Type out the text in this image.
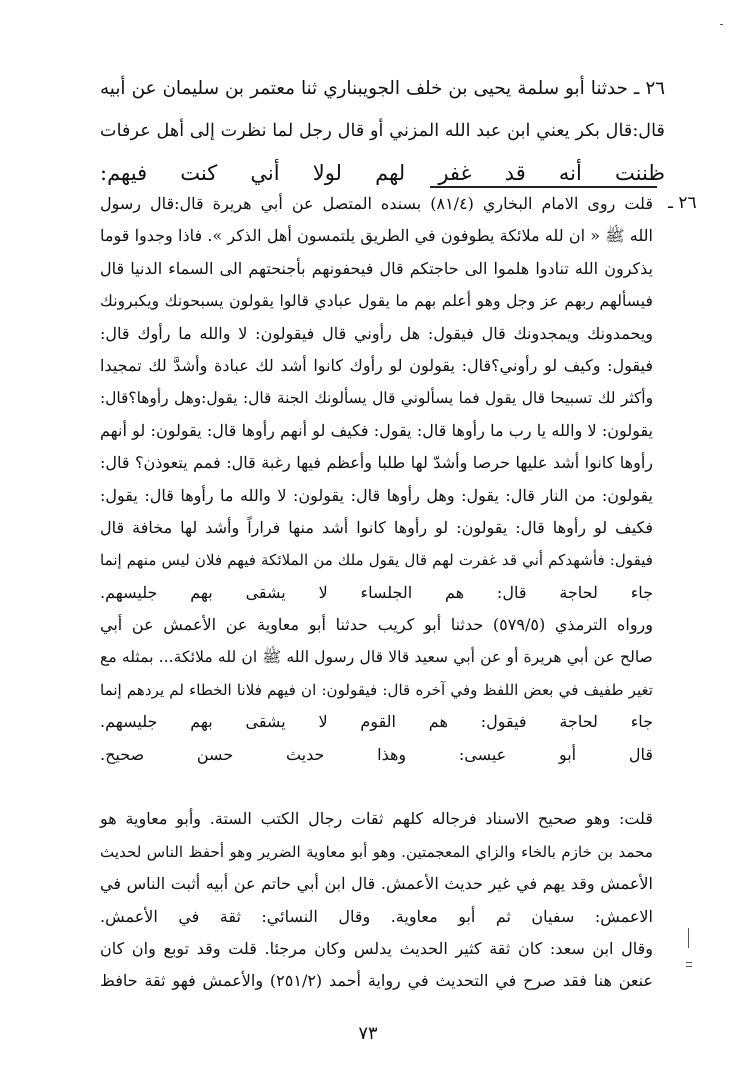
٢٦ ـ حدثنا أبو سلمة يحيى بن خلف الجويبناري ثنا معتمر بن سليمان عن أبيه
قال:قال بكر يعني ابن عبد الله المزني أو قال رجل لما نظرت إلى أهل عرفات
ظننت أنه قد غفر لهم لولا أني كنت فيهم:
٢٦ ـ
قلت روى الامام البخاري (٨١/٤) بسنده المتصل عن أبي هريرة قال:قال رسول
الله ﷺ « ان لله ملائكة يطوفون في الطريق يلتمسون أهل الذكر ». فاذا وجدوا قوما
يذكرون الله تنادوا هلموا الى حاجتكم قال فيحفونهم بأجنحتهم الى السماء الدنيا قال
فيسألهم ربهم عز وجل وهو أعلم بهم ما يقول عبادي قالوا يقولون يسبحونك ويكبرونك
ويحمدونك ويمجدونك قال فيقول: هل رأوني قال فيقولون: لا والله ما رأوك قال:
فيقول: وكيف لو رأوني؟قال: يقولون لو رأوك كانوا أشد لك عبادة وأشدَّ لك تمجيدا
وأكثر لك تسبيحا قال يقول فما يسألوني قال يسألونك الجنة قال: يقول:وهل رأوها؟قال:
يقولون: لا والله يا رب ما رأوها قال: يقول: فكيف لو أنهم رأوها قال: يقولون: لو أنهم
رأوها كانوا أشد عليها حرصا وأشدّ لها طلبا وأعظم فيها رغبة قال: فمم يتعوذن؟ قال:
يقولون: من النار قال: يقول: وهل رأوها قال: يقولون: لا والله ما رأوها قال: يقول:
فكيف لو رأوها قال: يقولون: لو رأوها كانوا أشد منها فراراً وأشد لها مخافة قال
فيقول: فأشهدكم أني قد غفرت لهم قال يقول ملك من الملائكة فيهم فلان ليس منهم إنما
جاء لحاجة قال: هم الجلساء لا يشقى بهم جليسهم.
ورواه الترمذي (٥٧٩/٥) حدثنا أبو كريب حدثنا أبو معاوية عن الأعمش عن أبي
صالح عن أبي هريرة أو عن أبي سعيد قالا قال رسول الله ﷺ ان لله ملائكة... بمثله مع
تغير طفيف في بعض اللفظ وفي آخره قال: فيقولون: ان فيهم فلانا الخطاء لم يردهم إنما
جاء لحاجة فيقول: هم القوم لا يشقى بهم جليسهم.
قال أبو عيسى: وهذا حديث حسن صحيح.
قلت: وهو صحيح الاسناد فرجاله كلهم ثقات رجال الكتب الستة. وأبو معاوية هو
محمد بن خازم بالخاء والزاي المعجمتين. وهو أبو معاوية الضرير وهو أحفظ الناس لحديث
الأعمش وقد يهم في غير حديث الأعمش. قال ابن أبي حاتم عن أبيه أثبت الناس في
الاعمش: سفيان ثم أبو معاوية. وقال النسائي: ثقة في الأعمش.
وقال ابن سعد: كان ثقة كثير الحديث يدلس وكان مرجئا. قلت وقد توبع وان كان
عنعن هنا فقد صرح في التحديث في رواية أحمد (٢٥١/٢) والأعمش فهو ثقة حافظ
٧٣
